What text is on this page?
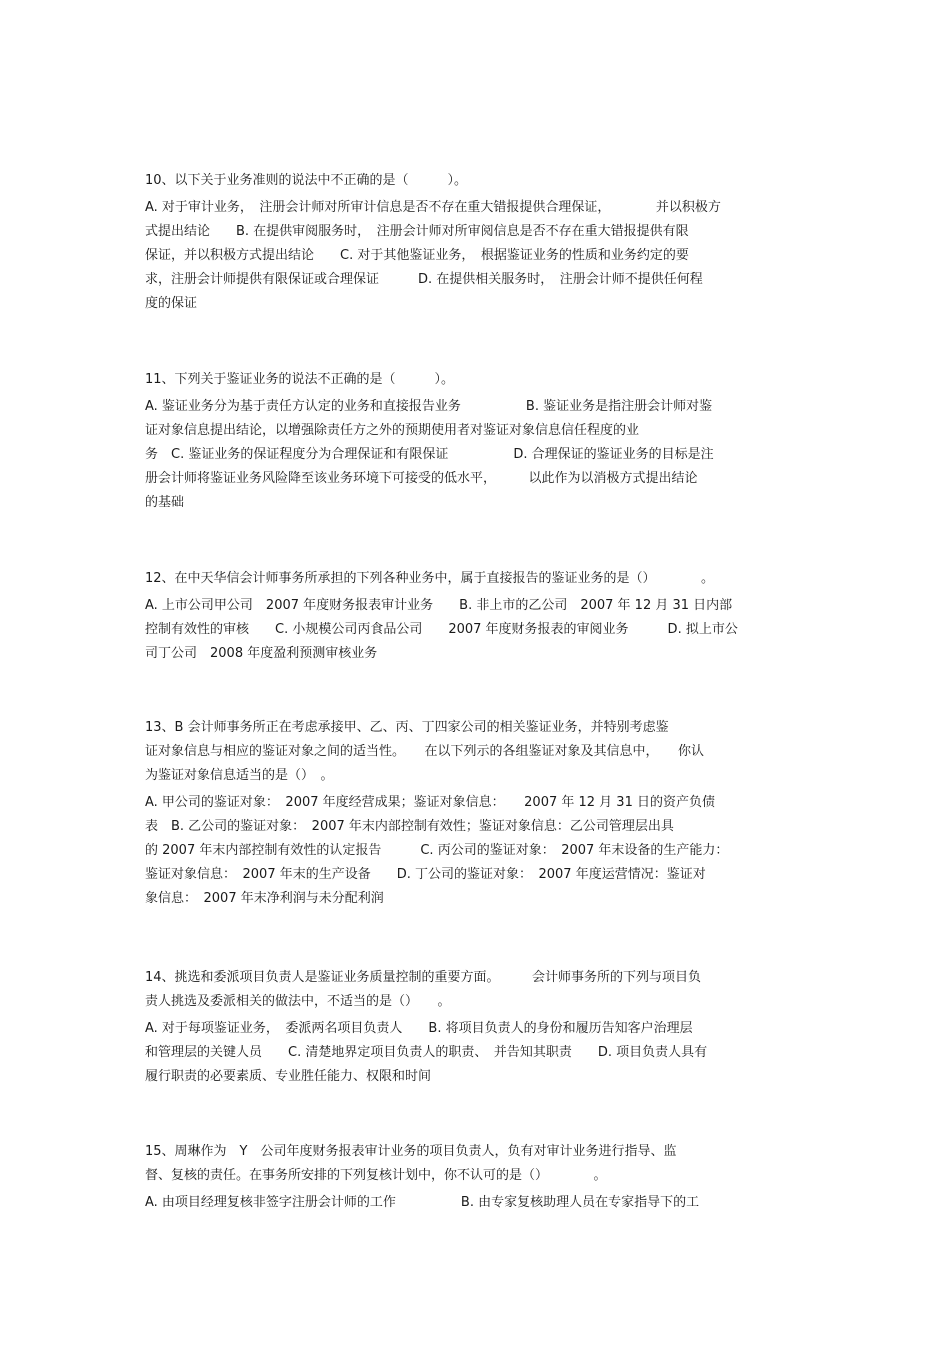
10、以下关于业务准则的说法中不正确的是（　　　）。
A. 对于审计业务，　注册会计师对所审计信息是否不存在重大错报提供合理保证，　　　　并以积极方
式提出结论　　B. 在提供审阅服务时，　注册会计师对所审阅信息是否不存在重大错报提供有限
保证，并以积极方式提出结论　　C. 对于其他鉴证业务，　根据鉴证业务的性质和业务约定的要
求，注册会计师提供有限保证或合理保证　　　D. 在提供相关服务时，　注册会计师不提供任何程
度的保证
11、下列关于鉴证业务的说法不正确的是（　　　）。
A. 鉴证业务分为基于责任方认定的业务和直接报告业务　　　　　B. 鉴证业务是指注册会计师对鉴
证对象信息提出结论，以增强除责任方之外的预期使用者对鉴证对象信息信任程度的业
务　C. 鉴证业务的保证程度分为合理保证和有限保证　　　　　D. 合理保证的鉴证业务的目标是注
册会计师将鉴证业务风险降至该业务环境下可接受的低水平，　　　以此作为以消极方式提出结论
的基础
12、在中天华信会计师事务所承担的下列各种业务中，属于直接报告的鉴证业务的是（）　　　　。
A. 上市公司甲公司　2007 年度财务报表审计业务　　B. 非上市的乙公司　2007 年 12 月 31 日内部
控制有效性的审核　　C. 小规模公司丙食品公司　　2007 年度财务报表的审阅业务　　　D. 拟上市公
司丁公司　2008 年度盈利预测审核业务
13、B 会计师事务所正在考虑承接甲、乙、丙、丁四家公司的相关鉴证业务，并特别考虑鉴
证对象信息与相应的鉴证对象之间的适当性。　　在以下列示的各组鉴证对象及其信息中，　　你认
为鉴证对象信息适当的是（）　。
A. 甲公司的鉴证对象：　2007 年度经营成果；鉴证对象信息：　　2007 年 12 月 31 日的资产负债
表　B. 乙公司的鉴证对象：　2007 年末内部控制有效性；鉴证对象信息：乙公司管理层出具
的 2007 年末内部控制有效性的认定报告　　　C. 丙公司的鉴证对象：　2007 年末设备的生产能力：
鉴证对象信息：　2007 年末的生产设备　　D. 丁公司的鉴证对象：　2007 年度运营情况：鉴证对
象信息：　2007 年末净利润与未分配利润
14、挑选和委派项目负责人是鉴证业务质量控制的重要方面。　　　会计师事务所的下列与项目负
责人挑选及委派相关的做法中，不适当的是（）　　。
A. 对于每项鉴证业务，　委派两名项目负责人　　B. 将项目负责人的身份和履历告知客户治理层
和管理层的关键人员　　C. 清楚地界定项目负责人的职责、　并告知其职责　　D. 项目负责人具有
履行职责的必要素质、专业胜任能力、权限和时间
15、周琳作为　Y　公司年度财务报表审计业务的项目负责人，负有对审计业务进行指导、监
督、复核的责任。在事务所安排的下列复核计划中，你不认可的是（）　　　　。
A. 由项目经理复核非签字注册会计师的工作　　　　　B. 由专家复核助理人员在专家指导下的工
